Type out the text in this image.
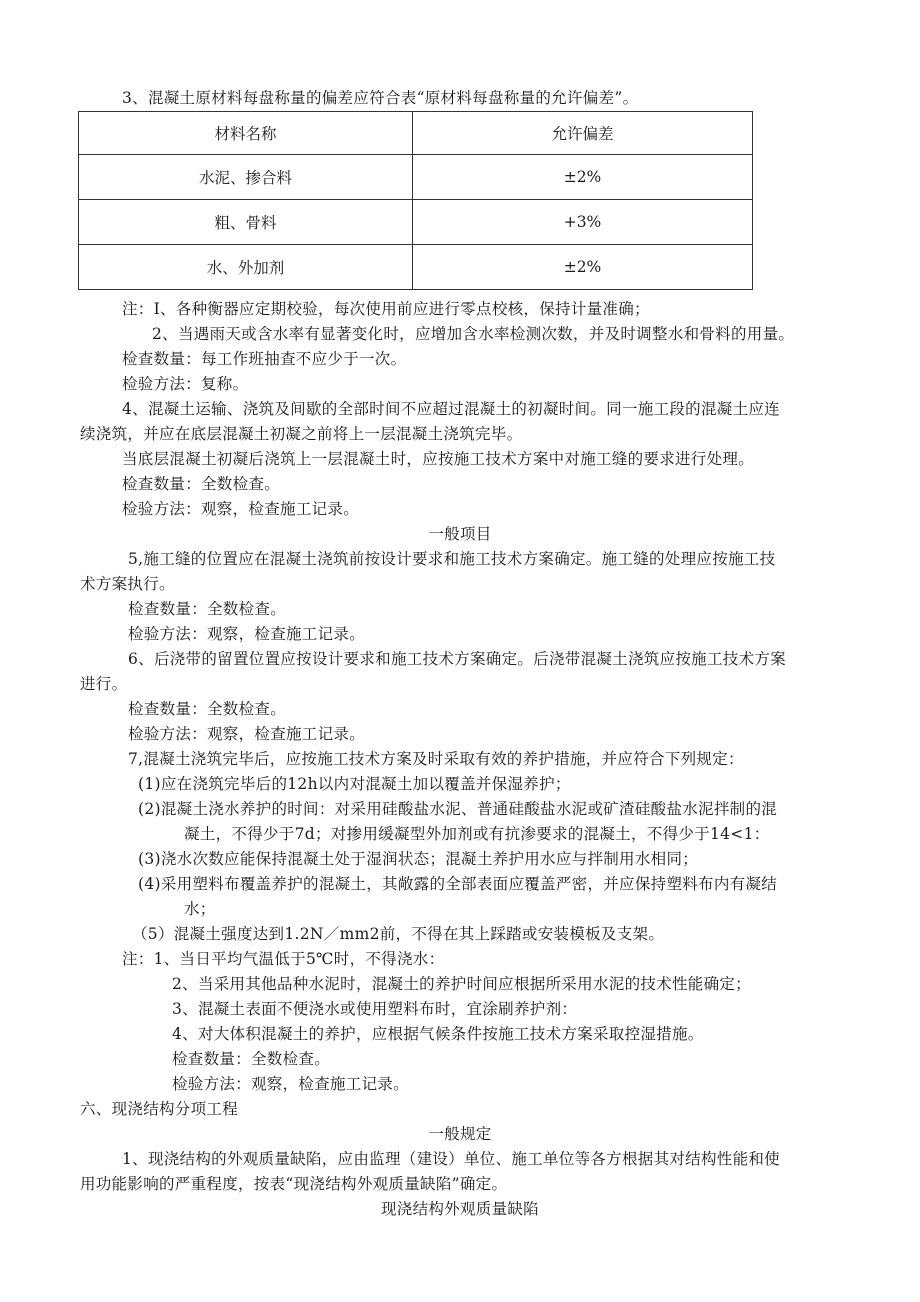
3、混凝土原材料每盘称量的偏差应符合表“原材料每盘称量的允许偏差”。
材料名称	允许偏差
水泥、掺合料	±2%
粗、骨料	+3%
水、外加剂	±2%
注：I、各种衡器应定期校验，每次使用前应进行零点校核，保持计量准确；
2、当遇雨天或含水率有显著变化时，应增加含水率检测次数，并及时调整水和骨料的用量。
检查数量：每工作班抽查不应少于一次。
检验方法：复称。
4、混凝土运输、浇筑及间歇的全部时间不应超过混凝土的初凝时间。同一施工段的混凝土应连
续浇筑，并应在底层混凝土初凝之前将上一层混凝土浇筑完毕。
当底层混凝土初凝后浇筑上一层混凝土时，应按施工技术方案中对施工缝的要求进行处理。
检查数量：全数检查。
检验方法：观察，检查施工记录。
一般项目
5,施工缝的位置应在混凝土浇筑前按设计要求和施工技术方案确定。施工缝的处理应按施工技
术方案执行。
检查数量：全数检查。
检验方法：观察，检查施工记录。
6、后浇带的留置位置应按设计要求和施工技术方案确定。后浇带混凝土浇筑应按施工技术方案
进行。
检查数量：全数检查。
检验方法：观察，检查施工记录。
7,混凝土浇筑完毕后，应按施工技术方案及时采取有效的养护措施，并应符合下列规定：
(1)应在浇筑完毕后的12h以内对混凝土加以覆盖并保湿养护；
(2)混凝土浇水养护的时间：对采用硅酸盐水泥、普通硅酸盐水泥或矿渣硅酸盐水泥拌制的混
凝土，不得少于7d；对掺用缓凝型外加剂或有抗渗要求的混凝土，不得少于14<1：
(3)浇水次数应能保持混凝土处于湿润状态；混凝土养护用水应与拌制用水相同；
(4)采用塑料布覆盖养护的混凝土，其敞露的全部表面应覆盖严密，并应保持塑料布内有凝结
水；
（5）混凝土强度达到1.2N／mm2前，不得在其上踩踏或安装模板及支架。
注：1、当日平均气温低于5℃时，不得浇水：
2、当采用其他品种水泥时，混凝土的养护时间应根据所采用水泥的技术性能确定；
3、混凝土表面不便浇水或使用塑料布时，宜涂刷养护剂：
4、对大体积混凝土的养护，应根据气候条件按施工技术方案采取控湿措施。
检查数量：全数检查。
检验方法：观察，检查施工记录。
六、现浇结构分项工程
一般规定
1、现浇结构的外观质量缺陷，应由监理（建设）单位、施工单位等各方根据其对结构性能和使
用功能影响的严重程度，按表“现浇结构外观质量缺陷”确定。
现浇结构外观质量缺陷
